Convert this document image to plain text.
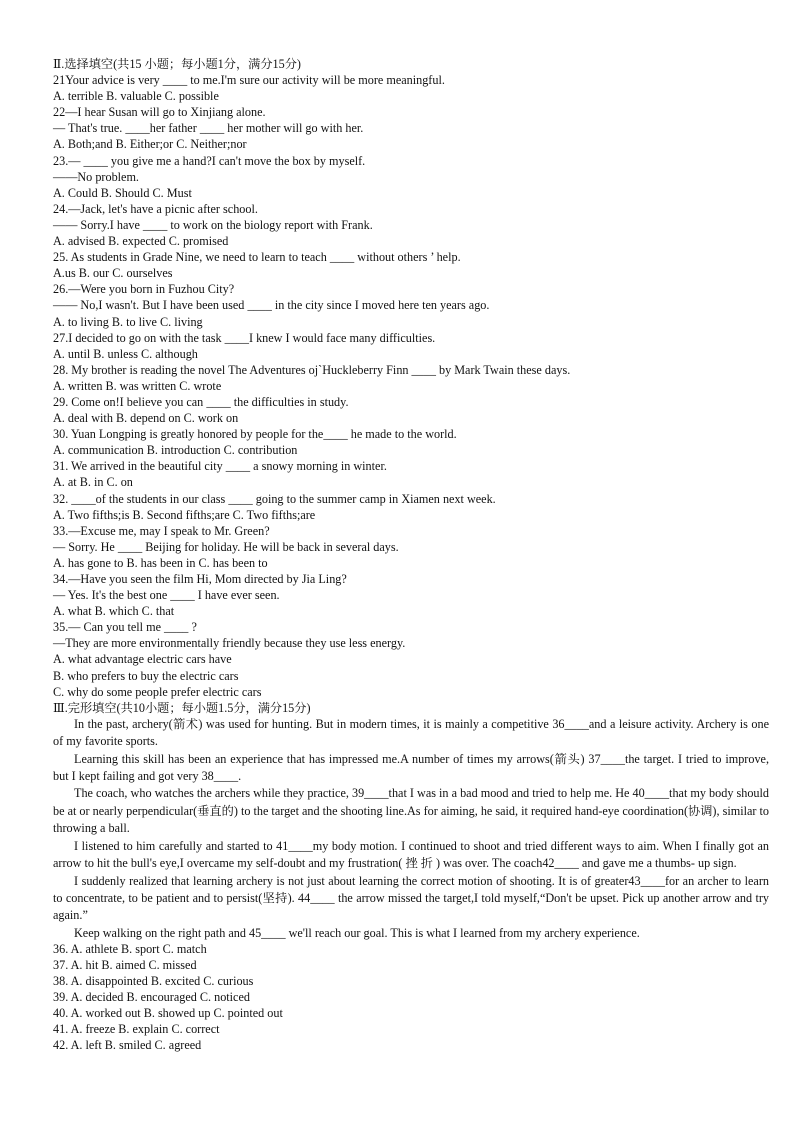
Ⅱ.选择填空(共15 小题；每小题1分，满分15分)
21Your advice is very ____ to me.I'm sure our activity will be more meaningful.
A. terrible B. valuable C. possible
22—I hear Susan will go to Xinjiang alone.
— That's true. ____her father ____ her mother will go with her.
A. Both;and B. Either;or C. Neither;nor
23.— ____ you give me a hand?I can't move the box by myself.
——No problem.
A. Could B. Should C. Must
24.—Jack, let's have a picnic after school.
—— Sorry.I have ____ to work on the biology report with Frank.
A. advised B. expected C. promised
25. As students in Grade Nine, we need to learn to teach ____ without others ’ help.
A.us B. our C. ourselves
26.—Were you born in Fuzhou City?
—— No,I wasn't. But I have been used ____ in the city since I moved here ten years ago.
A. to living B. to live C. living
27.I decided to go on with the task ____I knew I would face many difficulties.
A. until B. unless C. although
28. My brother is reading the novel The Adventures oj`Huckleberry Finn ____ by Mark Twain these days.
A. written B. was written C. wrote
29. Come on!I believe you can ____ the difficulties in study.
A. deal with B. depend on C. work on
30. Yuan Longping is greatly honored by people for the____ he made to the world.
A. communication B. introduction C. contribution
31. We arrived in the beautiful city ____ a snowy morning in winter.
A. at B. in C. on
32. ____of the students in our class ____ going to the summer camp in Xiamen next week.
A. Two fifths;is B. Second fifths;are C. Two fifths;are
33.—Excuse me, may I speak to Mr. Green?
— Sorry. He ____ Beijing for holiday. He will be back in several days.
A. has gone to B. has been in C. has been to
34.—Have you seen the film Hi, Mom directed by Jia Ling?
— Yes. It's the best one ____ I have ever seen.
A. what B. which C. that
35.— Can you tell me ____ ?
—They are more environmentally friendly because they use less energy.
A. what advantage electric cars have
B. who prefers to buy the electric cars
C. why do some people prefer electric cars
Ⅲ.完形填空(共10小题；每小题1.5分，满分15分)
In the past, archery(箭术) was used for hunting. But in modern times, it is mainly a competitive 36____and a leisure activity. Archery is one of my favorite sports.
Learning this skill has been an experience that has impressed me.A number of times my arrows(箭头) 37____the target. I tried to improve, but I kept failing and got very 38____.
The coach, who watches the archers while they practice, 39____that I was in a bad mood and tried to help me. He 40____that my body should be at or nearly perpendicular(垂直的) to the target and the shooting line.As for aiming, he said, it required hand-eye coordination(协调), similar to throwing a ball.
I listened to him carefully and started to 41____my body motion. I continued to shoot and tried different ways to aim. When I finally got an arrow to hit the bull's eye,I overcame my self-doubt and my frustration( 挫 折 ) was over. The coach42____ and gave me a thumbs- up sign.
I suddenly realized that learning archery is not just about learning the correct motion of shooting. It is of greater43____for an archer to learn to concentrate, to be patient and to persist(坚持). 44____ the arrow missed the target,I told myself,“Don't be upset. Pick up another arrow and try again.”
Keep walking on the right path and 45____ we'll reach our goal. This is what I learned from my archery experience.
36. A. athlete B. sport C. match
37. A. hit B. aimed C. missed
38. A. disappointed B. excited C. curious
39. A. decided B. encouraged C. noticed
40. A. worked out B. showed up C. pointed out
41. A. freeze B. explain C. correct
42. A. left B. smiled C. agreed
